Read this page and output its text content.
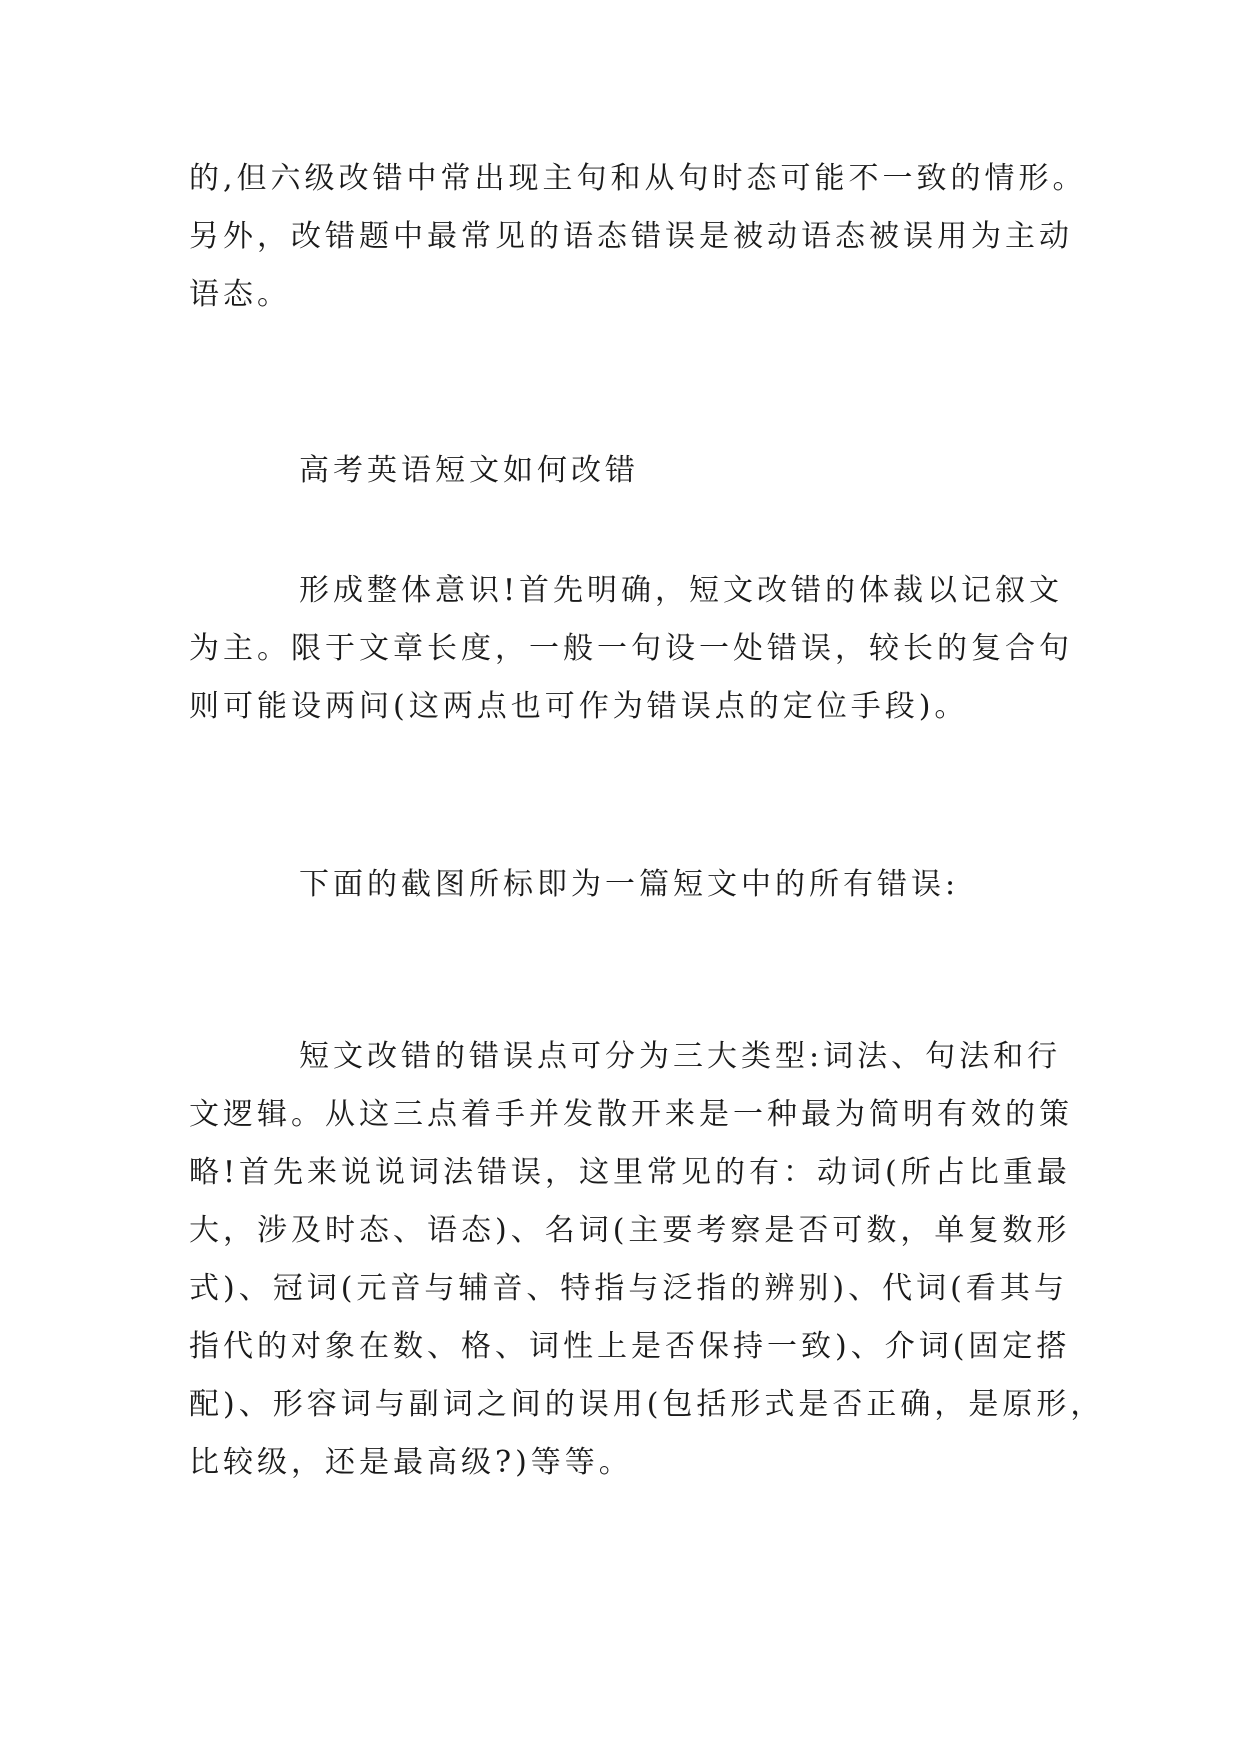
的,但六级改错中常出现主句和从句时态可能不一致的情形。
另外，改错题中最常见的语态错误是被动语态被误用为主动
语态。
高考英语短文如何改错
形成整体意识!首先明确，短文改错的体裁以记叙文
为主。限于文章长度，一般一句设一处错误，较长的复合句
则可能设两问(这两点也可作为错误点的定位手段)。
下面的截图所标即为一篇短文中的所有错误:
短文改错的错误点可分为三大类型:词法、句法和行
文逻辑。从这三点着手并发散开来是一种最为简明有效的策
略!首先来说说词法错误，这里常见的有：动词(所占比重最
大，涉及时态、语态)、名词(主要考察是否可数，单复数形
式)、冠词(元音与辅音、特指与泛指的辨别)、代词(看其与
指代的对象在数、格、词性上是否保持一致)、介词(固定搭
配)、形容词与副词之间的误用(包括形式是否正确，是原形，
比较级，还是最高级?)等等。
